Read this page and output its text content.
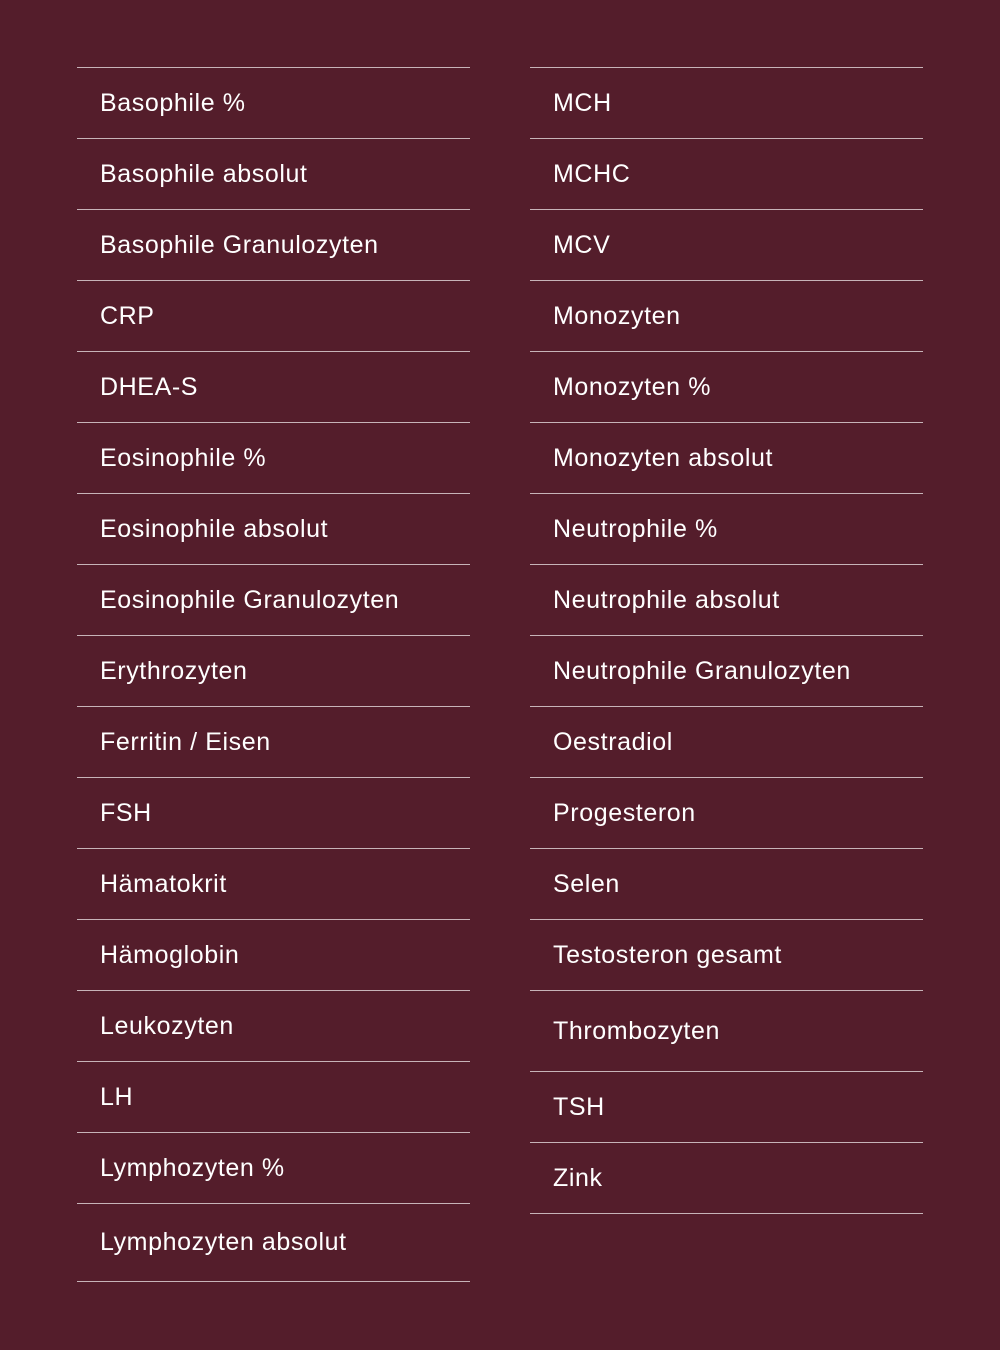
Basophile %
Basophile absolut
Basophile Granulozyten
CRP
DHEA-S
Eosinophile %
Eosinophile absolut
Eosinophile Granulozyten
Erythrozyten
Ferritin / Eisen
FSH
Hämatokrit
Hämoglobin
Leukozyten
LH
Lymphozyten %
Lymphozyten absolut
MCH
MCHC
MCV
Monozyten
Monozyten %
Monozyten absolut
Neutrophile %
Neutrophile absolut
Neutrophile Granulozyten
Oestradiol
Progesteron
Selen
Testosteron gesamt
Thrombozyten
TSH
Zink
